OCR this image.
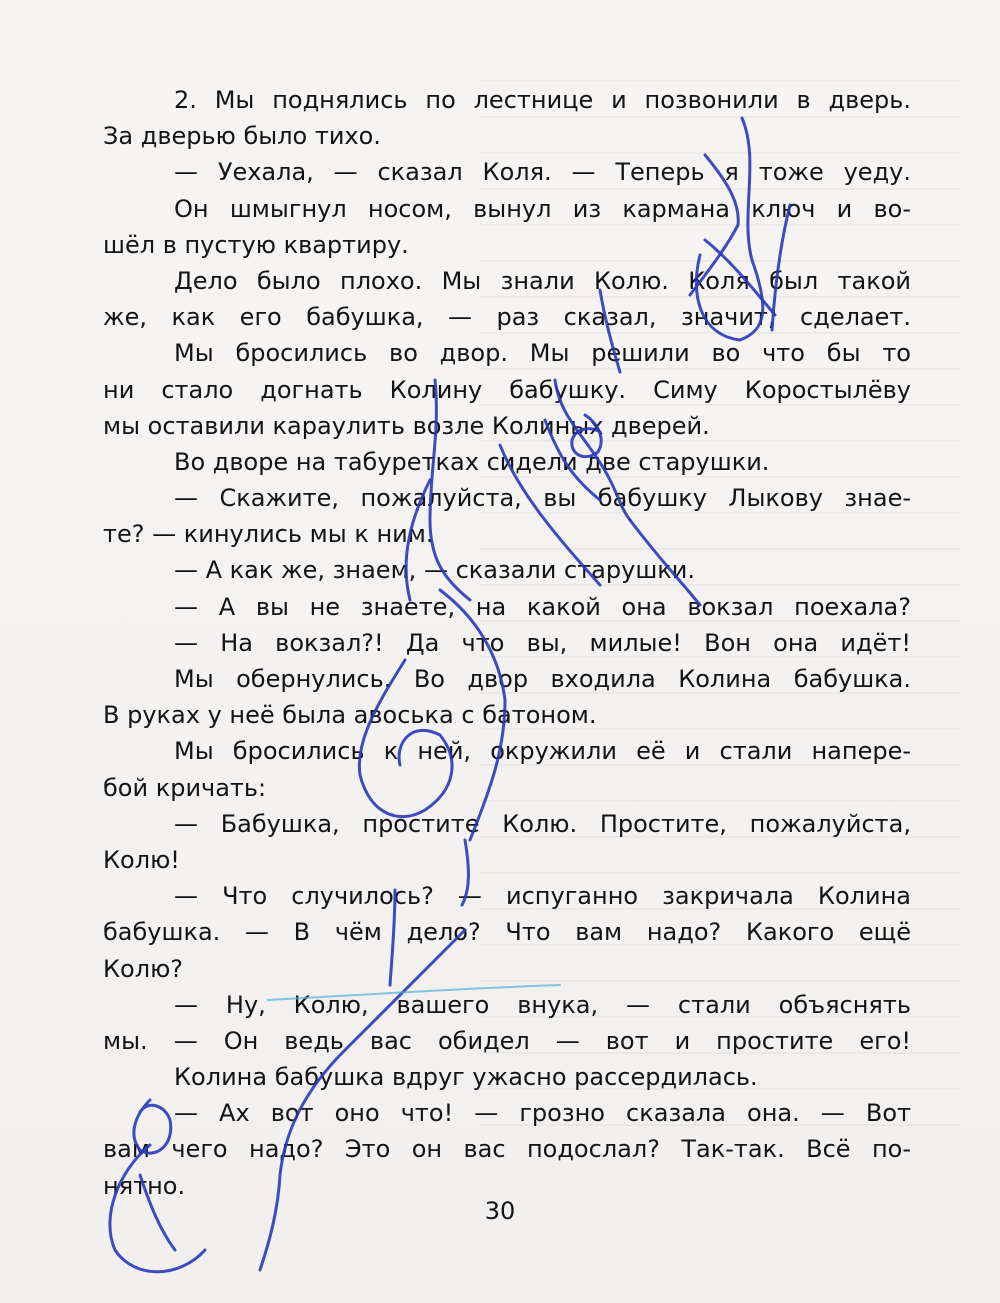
2. Мы поднялись по лестнице и позвонили в дверь.
За дверью было тихо.
— Уехала, — сказал Коля. — Теперь я тоже уеду.
Он шмыгнул носом, вынул из кармана ключ и во-
шёл в пустую квартиру.
Дело было плохо. Мы знали Колю. Коля был такой
же, как его бабушка, — раз сказал, значит, сделает.
Мы бросились во двор. Мы решили во что бы то
ни стало догнать Колину бабушку. Симу Коростылёву
мы оставили караулить возле Колиных дверей.
Во дворе на табуретках сидели две старушки.
— Скажите, пожалуйста, вы бабушку Лыкову знае-
те? — кинулись мы к ним.
— А как же, знаем, — сказали старушки.
— А вы не знаете, на какой она вокзал поехала?
— На вокзал?! Да что вы, милые! Вон она идёт!
Мы обернулись. Во двор входила Колина бабушка.
В руках у неё была авоська с батоном.
Мы бросились к ней, окружили её и стали напере-
бой кричать:
— Бабушка, простите Колю. Простите, пожалуйста,
Колю!
— Что случилось? — испуганно закричала Колина
бабушка. — В чём дело? Что вам надо? Какого ещё
Колю?
— Ну, Колю, вашего внука, — стали объяснять
мы. — Он ведь вас обидел — вот и простите его!
Колина бабушка вдруг ужасно рассердилась.
— Ах вот оно что! — грозно сказала она. — Вот
вам чего надо? Это он вас подослал? Так-так. Всё по-
нятно.
30
